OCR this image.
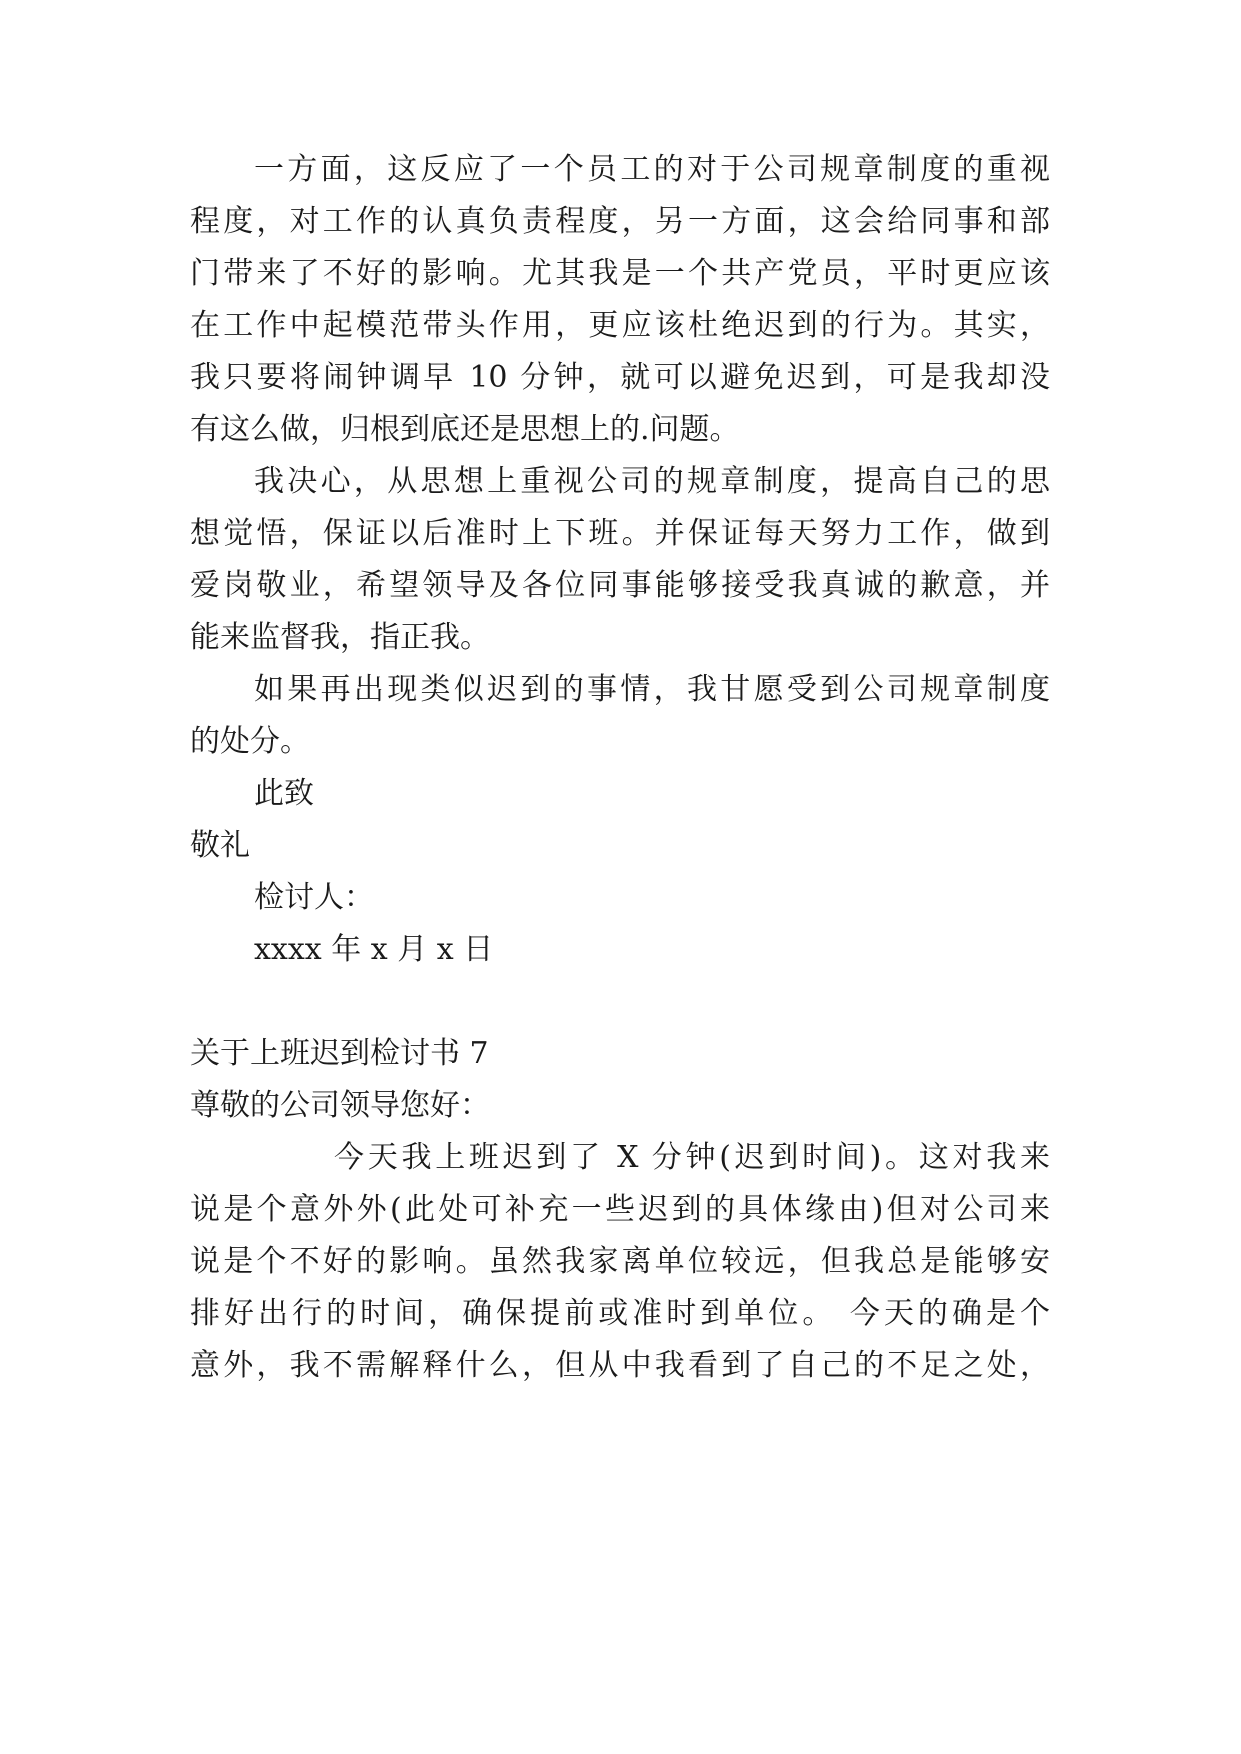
一方面，这反应了一个员工的对于公司规章制度的重视
程度，对工作的认真负责程度，另一方面，这会给同事和部
门带来了不好的影响。尤其我是一个共产党员，平时更应该
在工作中起模范带头作用，更应该杜绝迟到的行为。其实，
我只要将闹钟调早 10 分钟，就可以避免迟到，可是我却没
有这么做，归根到底还是思想上的.问题。
我决心，从思想上重视公司的规章制度，提高自己的思
想觉悟，保证以后准时上下班。并保证每天努力工作，做到
爱岗敬业，希望领导及各位同事能够接受我真诚的歉意，并
能来监督我，指正我。
如果再出现类似迟到的事情，我甘愿受到公司规章制度
的处分。
此致
敬礼
检讨人：
xxxx 年 x 月 x 日
关于上班迟到检讨书 7
尊敬的公司领导您好：
今天我上班迟到了 X 分钟(迟到时间)。这对我来
说是个意外外(此处可补充一些迟到的具体缘由)但对公司来
说是个不好的影响。虽然我家离单位较远，但我总是能够安
排好出行的时间，确保提前或准时到单位。 今天的确是个
意外，我不需解释什么，但从中我看到了自己的不足之处，
